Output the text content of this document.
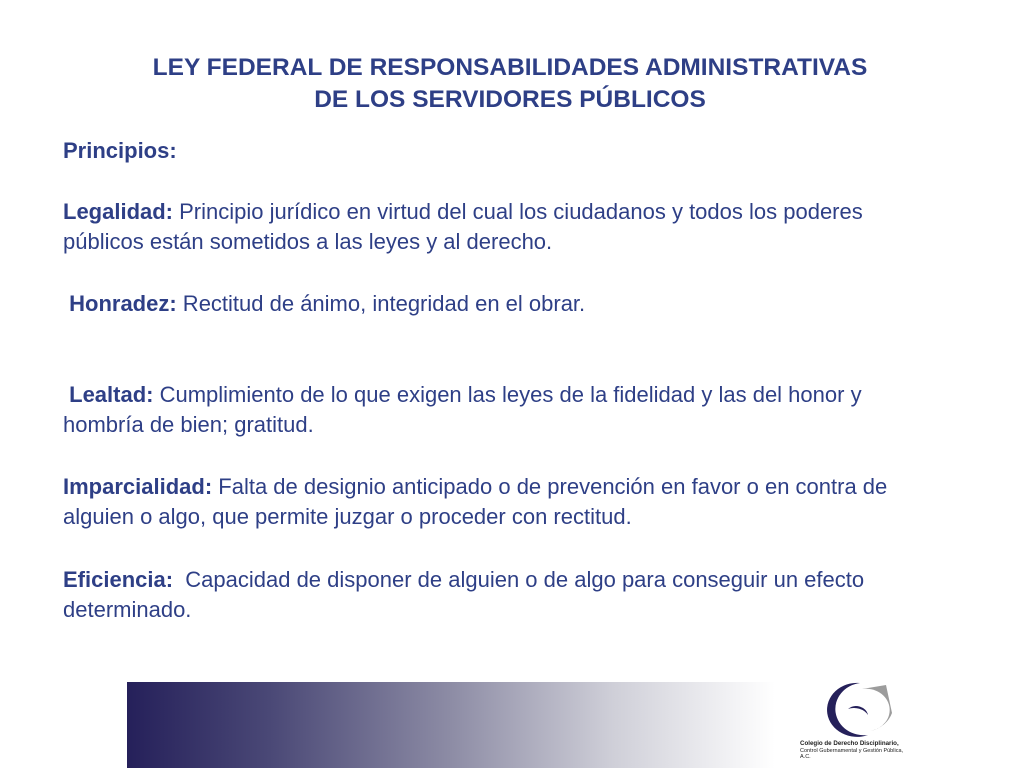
LEY FEDERAL DE RESPONSABILIDADES ADMINISTRATIVAS
DE LOS SERVIDORES PÚBLICOS

Principios:

Legalidad: Principio jurídico en virtud del cual los ciudadanos y todos los poderes públicos están sometidos a las leyes y al derecho.

Honradez: Rectitud de ánimo, integridad en el obrar.

Lealtad: Cumplimiento de lo que exigen las leyes de la fidelidad y las del honor y hombría de bien; gratitud.

Imparcialidad: Falta de designio anticipado o de prevención en favor o en contra de alguien o algo, que permite juzgar o proceder con rectitud.

Eficiencia:  Capacidad de disponer de alguien o de algo para conseguir un efecto determinado.

Colegio de Derecho Disciplinario,
Control Gubernamental y Gestión Pública, A.C.
